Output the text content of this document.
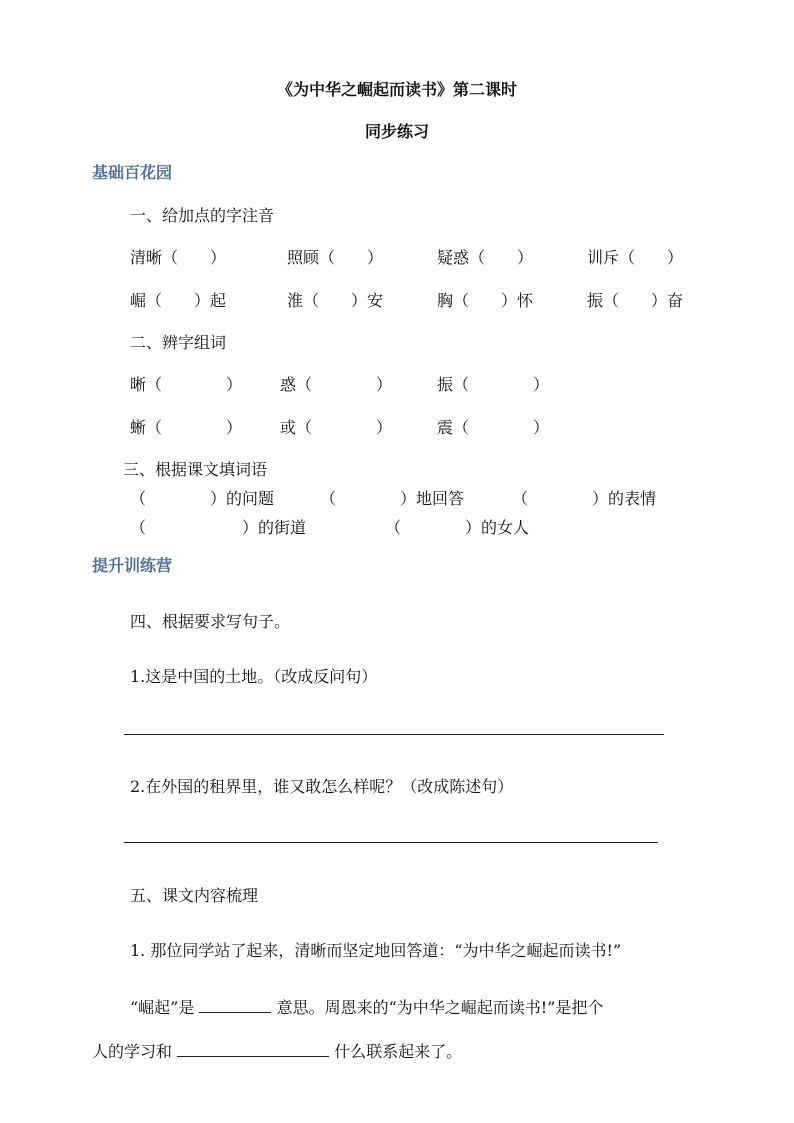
《为中华之崛起而读书》第二课时
同步练习
基础百花园
一、给加点的字注音
清晰（　　）	照顾（　　）	疑惑（　　）	训斥（　　）
崛（　　）起	淮（　　）安	胸（　　）怀	振（　　）奋
二、辨字组词
晰（　　　　） 惑（　　　　）	振（　　　　）
蜥（　　　　） 或（　　　　）	震（　　　　）
三、根据课文填词语
（　　　　）的问题	（　　　　）地回答	（　　　　）的表情
（　　　　　　）的街道	（　　　　）的女人
提升训练营
四、根据要求写句子。
1.这是中国的土地。（改成反问句）
2.在外国的租界里，谁又敢怎么样呢？（改成陈述句）
五、课文内容梳理
1. 那位同学站了起来，清晰而坚定地回答道：“为中华之崛起而读书!”
“崛起”是	意思。周恩来的“为中华之崛起而读书!”是把个
人的学习和	什么联系起来了。
